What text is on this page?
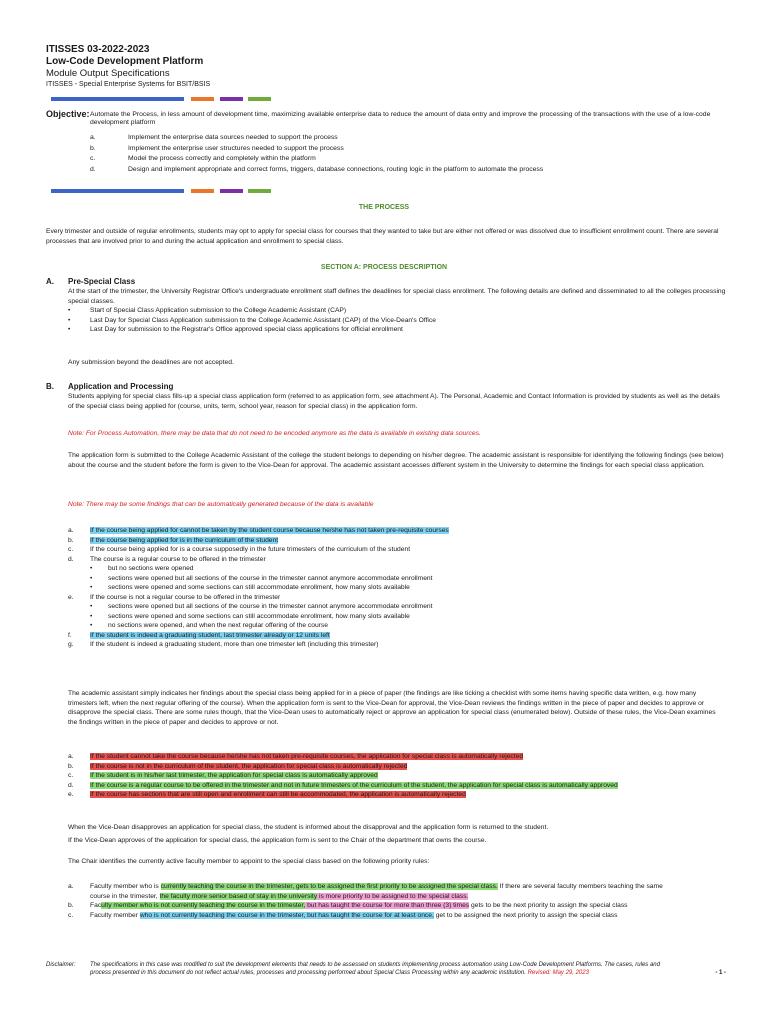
ITISSES 03-2022-2023
Low-Code Development Platform
Module Output Specifications
ITISSES - Special Enterprise Systems for BSIT/BSIS
Objective: Automate the Process, in less amount of development time, maximizing available enterprise data to reduce the amount of data entry and improve the processing of the transactions with the use of a low-code development platform
a.	Implement the enterprise data sources needed to support the process
b.	Implement the enterprise user structures needed to support the process
c.	Model the process correctly and completely within the platform
d.	Design and implement appropriate and correct forms, triggers, database connections, routing logic in the platform to automate the process
THE PROCESS
Every trimester and outside of regular enrollments, students may opt to apply for special class for courses that they wanted to take but are either not offered or was dissolved due to insufficient enrollment count. There are several processes that are involved prior to and during the actual application and enrollment to special class.
SECTION A: PROCESS DESCRIPTION
A. Pre-Special Class
At the start of the trimester, the University Registrar Office's undergraduate enrollment staff defines the deadlines for special class enrollment. The following details are defined and disseminated to all the colleges processing special classes.
• Start of Special Class Application submission to the College Academic Assistant (CAP)
• Last Day for Special Class Application submission to the College Academic Assistant (CAP) of the Vice-Dean's Office
• Last Day for submission to the Registrar's Office approved special class applications for official enrollment
Any submission beyond the deadlines are not accepted.
B. Application and Processing
Students applying for special class fills-up a special class application form (referred to as application form, see attachment A). The Personal, Academic and Contact Information is provided by students as well as the details of the special class being applied for (course, units, term, school year, reason for special class) in the application form.
Note: For Process Automation, there may be data that do not need to be encoded anymore as the data is available in existing data sources.
The application form is submitted to the College Academic Assistant of the college the student belongs to depending on his/her degree. The academic assistant is responsible for identifying the following findings (see below) about the course and the student before the form is given to the Vice-Dean for approval. The academic assistant accesses different system in the University to determine the findings for each special class application.
Note: There may be some findings that can be automatically generated because of the data is available
a. If the course being applied for cannot be taken by the student course because he/she has not taken pre-requisite courses
b. If the course being applied for is in the curriculum of the student
c.	If the course being applied for is a course supposedly in the future trimesters of the curriculum of the student
d. The course is a regular course to be offered in the trimester
• but no sections were opened
• sections were opened but all sections of the course in the trimester cannot anymore accommodate enrollment
• sections were opened and some sections can still accommodate enrollment, how many slots available
e. If the course is not a regular course to be offered in the trimester
• sections were opened but all sections of the course in the trimester cannot anymore accommodate enrollment
• sections were opened and some sections can still accommodate enrollment, how many slots available
• no sections were opened, and when the next regular offering of the course
f.	If the student is indeed a graduating student, last trimester already or 12 units left
g. If the student is indeed a graduating student, more than one trimester left (including this trimester)
The academic assistant simply indicates her findings about the special class being applied for in a piece of paper (the findings are like ticking a checklist with some items having specific data written, e.g. how many trimesters left, when the next regular offering of the course). When the application form is sent to the Vice-Dean for approval, the Vice-Dean reviews the findings written in the piece of paper and decides to approve or disapprove the special class. There are some rules though, that the Vice-Dean uses to automatically reject or approve an application for special class (enumerated below). Outside of these rules, the Vice-Dean examines the findings written in the piece of paper and decides to approve or not.
a. If the student cannot take the course because he/she has not taken pre-requisite courses, the application for special class is automatically rejected
b. If the course is not in the curriculum of the student, the application for special class is automatically rejected
c.	If the student is in his/her last trimester, the application for special class is automatically approved
d. If the course is a regular course to be offered in the trimester and not in future trimesters of the curriculum of the student, the application for special class is automatically approved
e. If the course has sections that are still open and enrollment can still be accommodated, the application is automatically rejected
When the Vice-Dean disapproves an application for special class, the student is informed about the disapproval and the application form is returned to the student.
If the Vice-Dean approves of the application for special class, the application form is sent to the Chair of the department that owns the course.
The Chair identifies the currently active faculty member to appoint to the special class based on the following priority rules:
a. Faculty member who is currently teaching the course in the trimester, gets to be assigned the first priority to be assigned the special class. If there are several faculty members teaching the same
course in the trimester, the faculty more senior based of stay in the university is more priority to be assigned to the special class.
b. Faculty member who is not currently teaching the course in the trimester, but has taught the course for more than three (3) times gets to be the next priority to assign the special class
c.	Faculty member who is not currently teaching the course in the trimester, but has taught the course for at least once, get to be assigned the next priority to assign the special class
Disclaimer: The specifications in this case was modified to suit the development elements that needs to be assessed on students implementing process automation using Low-Code Development Platforms. The cases, rules and process presented in this document do not reflect actual rules, processes and processing performed about Special Class Processing within any academic institution. Revised: May 29, 2023	- 1 -
